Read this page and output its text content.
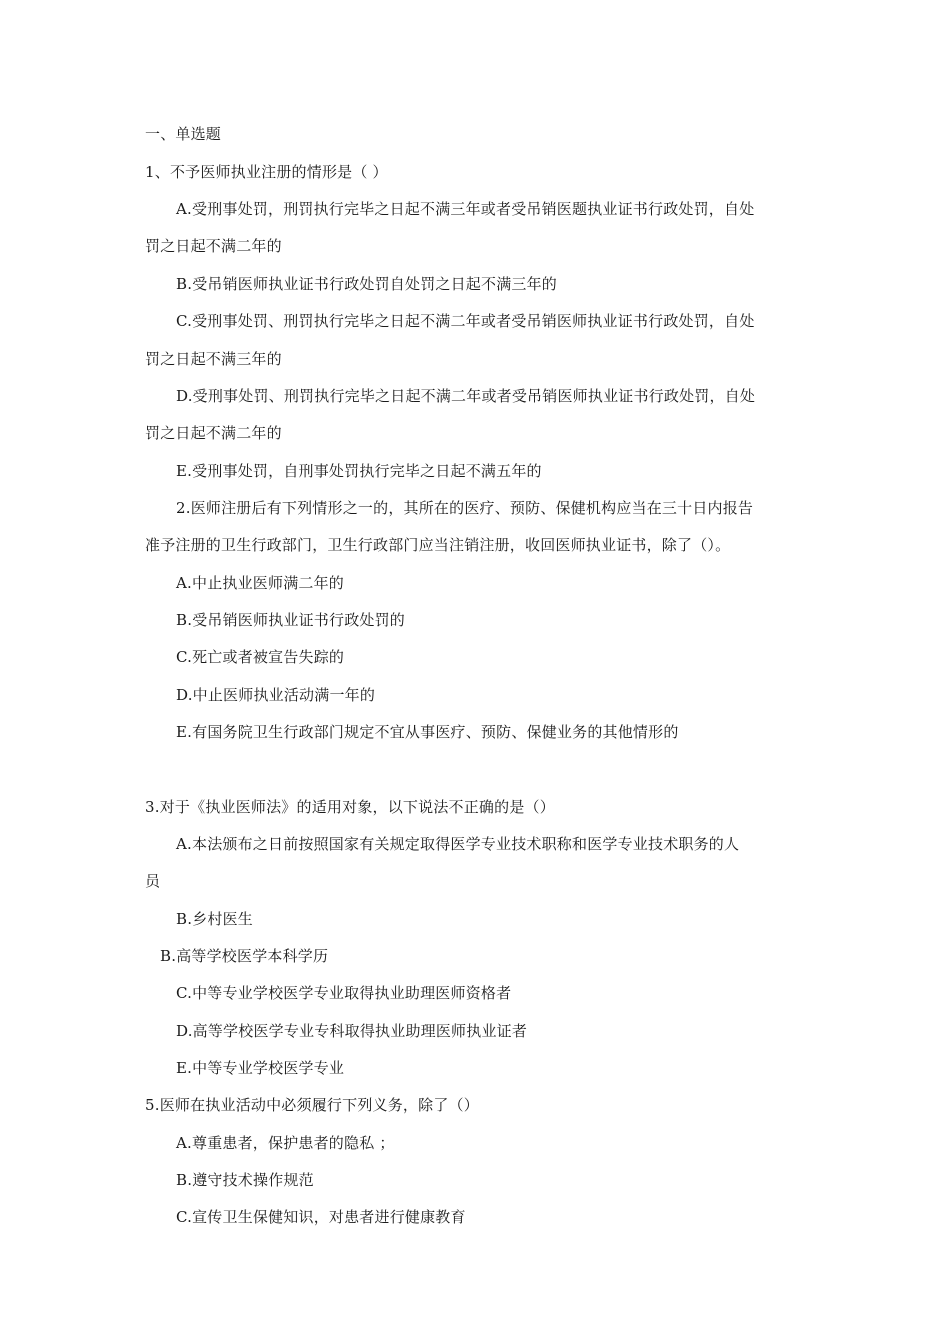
一、单选题
1、不予医师执业注册的情形是（ ）
A.受刑事处罚，刑罚执行完毕之日起不满三年或者受吊销医题执业证书行政处罚，自处
罚之日起不满二年的
B.受吊销医师执业证书行政处罚自处罚之日起不满三年的
C.受刑事处罚、刑罚执行完毕之日起不满二年或者受吊销医师执业证书行政处罚，自处
罚之日起不满三年的
D.受刑事处罚、刑罚执行完毕之日起不满二年或者受吊销医师执业证书行政处罚，自处
罚之日起不满二年的
E.受刑事处罚，自刑事处罚执行完毕之日起不满五年的
2.医师注册后有下列情形之一的，其所在的医疗、预防、保健机构应当在三十日内报告
准予注册的卫生行政部门，卫生行政部门应当注销注册，收回医师执业证书，除了（）。
A.中止执业医师满二年的
B.受吊销医师执业证书行政处罚的
C.死亡或者被宣告失踪的
D.中止医师执业活动满一年的
E.有国务院卫生行政部门规定不宜从事医疗、预防、保健业务的其他情形的
3.对于《执业医师法》的适用对象，以下说法不正确的是（）
A.本法颁布之日前按照国家有关规定取得医学专业技术职称和医学专业技术职务的人
员
B.乡村医生
B.高等学校医学本科学历
C.中等专业学校医学专业取得执业助理医师资格者
D.高等学校医学专业专科取得执业助理医师执业证者
E.中等专业学校医学专业
5.医师在执业活动中必须履行下列义务，除了（）
A.尊重患者，保护患者的隐私 ；
B.遵守技术操作规范
C.宣传卫生保健知识，对患者进行健康教育
